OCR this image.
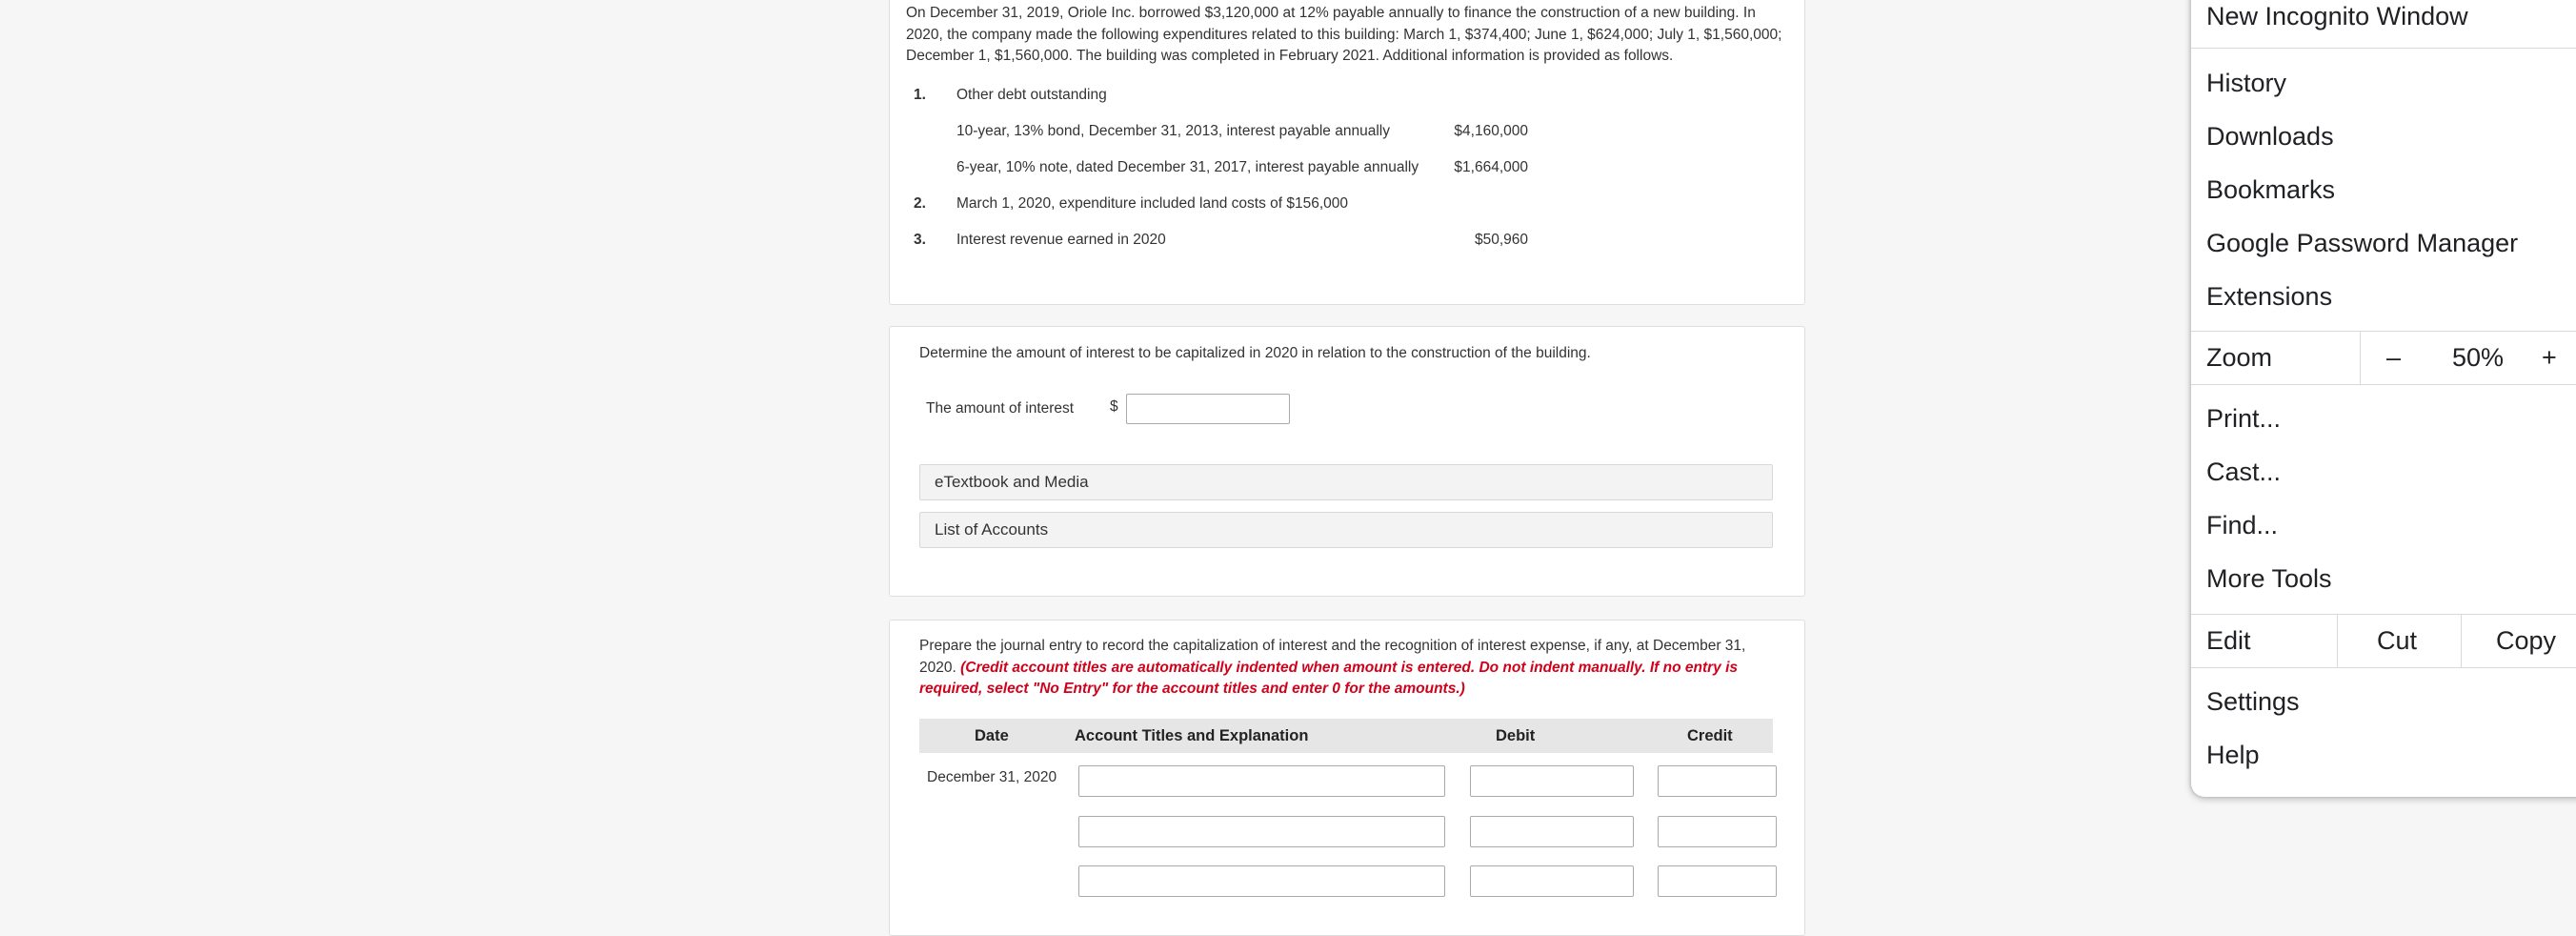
On December 31, 2019, Oriole Inc. borrowed $3,120,000 at 12% payable annually to finance the construction of a new building. In 2020, the company made the following expenditures related to this building: March 1, $374,400; June 1, $624,000; July 1, $1,560,000; December 1, $1,560,000. The building was completed in February 2021. Additional information is provided as follows.
1. Other debt outstanding
10-year, 13% bond, December 31, 2013, interest payable annually	$4,160,000
6-year, 10% note, dated December 31, 2017, interest payable annually $1,664,000
2. March 1, 2020, expenditure included land costs of $156,000
3. Interest revenue earned in 2020	$50,960
Determine the amount of interest to be capitalized in 2020 in relation to the construction of the building.
The amount of interest $
eTextbook and Media
List of Accounts
Prepare the journal entry to record the capitalization of interest and the recognition of interest expense, if any, at December 31, 2020. (Credit account titles are automatically indented when amount is entered. Do not indent manually. If no entry is required, select "No Entry" for the account titles and enter 0 for the amounts.)
Date	Account Titles and Explanation	Debit	Credit
December 31, 2020
New Incognito Window
History
Downloads
Bookmarks
Google Password Manager
Extensions
Zoom	– 50% +
Print...
Cast...
Find...
More Tools
Edit	Cut	Copy
Settings
Help
